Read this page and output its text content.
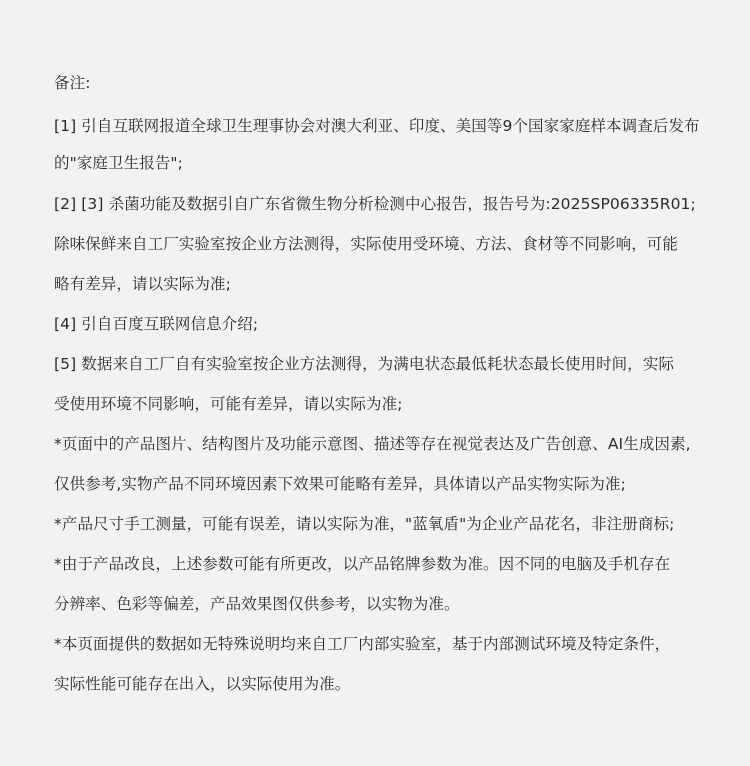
备注:
[1] 引自互联网报道全球卫生理事协会对澳大利亚、印度、美国等9个国家家庭样本调查后发布
的"家庭卫生报告";
[2] [3] 杀菌功能及数据引自广东省微生物分析检测中心报告，报告号为:2025SP06335R01;
除味保鲜来自工厂实验室按企业方法测得，实际使用受环境、方法、食材等不同影响，可能
略有差异，请以实际为准;
[4] 引自百度互联网信息介绍;
[5] 数据来自工厂自有实验室按企业方法测得，为满电状态最低耗状态最长使用时间，实际
受使用环境不同影响，可能有差异，请以实际为准;
*页面中的产品图片、结构图片及功能示意图、描述等存在视觉表达及广告创意、AI生成因素,
仅供参考,实物产品不同环境因素下效果可能略有差异，具体请以产品实物实际为准;
*产品尺寸手工测量，可能有误差，请以实际为准，"蓝氧盾"为企业产品花名，非注册商标;
*由于产品改良，上述参数可能有所更改，以产品铭牌参数为准。因不同的电脑及手机存在
分辨率、色彩等偏差，产品效果图仅供参考，以实物为准。
*本页面提供的数据如无特殊说明均来自工厂内部实验室，基于内部测试环境及特定条件，
实际性能可能存在出入，以实际使用为准。
